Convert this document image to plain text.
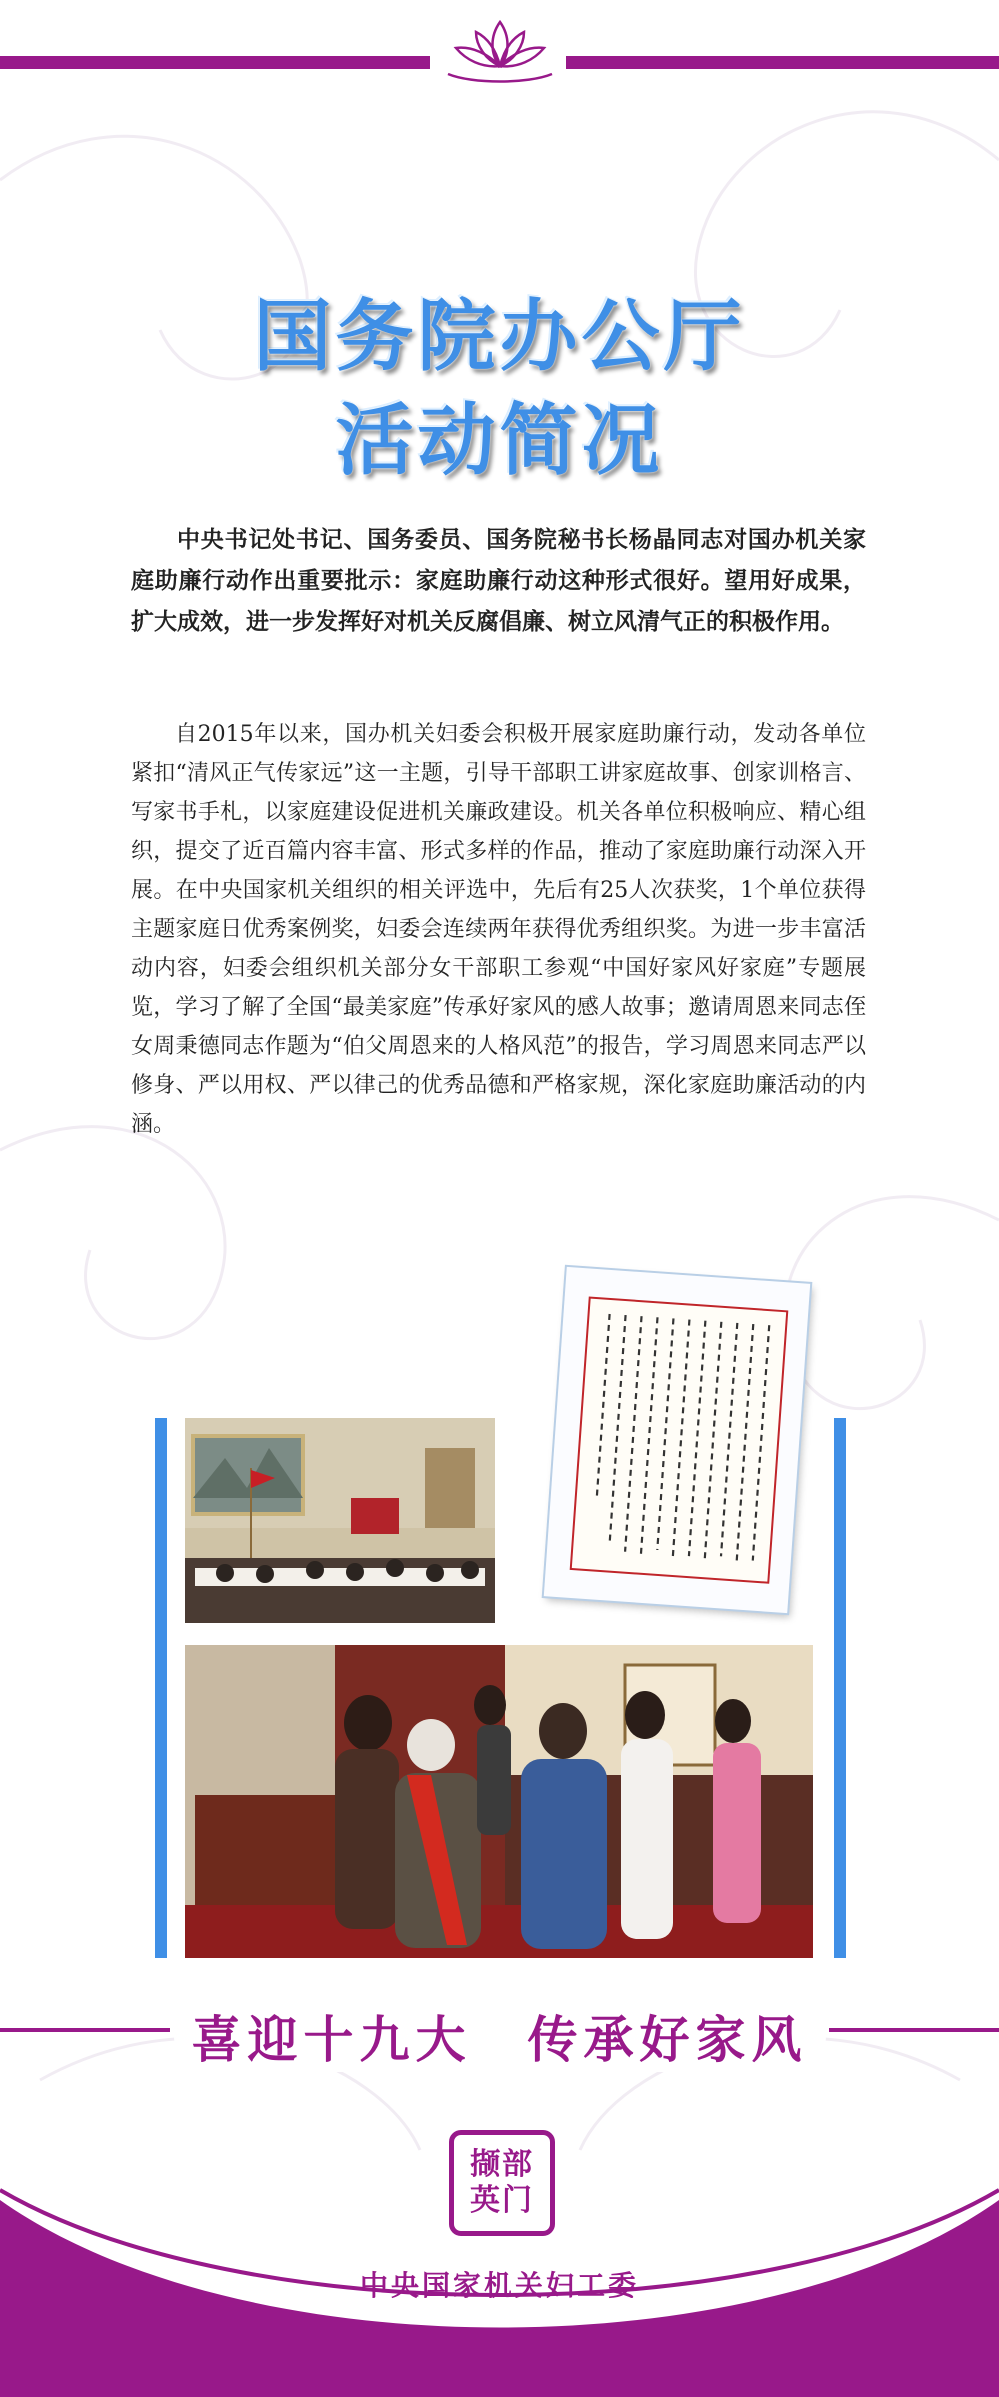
国务院办公厅
活动简况

中央书记处书记、国务委员、国务院秘书长杨晶同志对国办机关家庭助廉行动作出重要批示：家庭助廉行动这种形式很好。望用好成果，扩大成效，进一步发挥好对机关反腐倡廉、树立风清气正的积极作用。

自2015年以来，国办机关妇委会积极开展家庭助廉行动，发动各单位紧扣“清风正气传家远”这一主题，引导干部职工讲家庭故事、创家训格言、写家书手札，以家庭建设促进机关廉政建设。机关各单位积极响应、精心组织，提交了近百篇内容丰富、形式多样的作品，推动了家庭助廉行动深入开展。在中央国家机关组织的相关评选中，先后有25人次获奖，1个单位获得主题家庭日优秀案例奖，妇委会连续两年获得优秀组织奖。为进一步丰富活动内容，妇委会组织机关部分女干部职工参观“中国好家风好家庭”专题展览，学习了解了全国“最美家庭”传承好家风的感人故事；邀请周恩来同志侄女周秉德同志作题为“伯父周恩来的人格风范”的报告，学习周恩来同志严以修身、严以用权、严以律己的优秀品德和严格家规，深化家庭助廉活动的内涵。

喜迎十九大 传承好家风
中央国家机关妇工委
撷部
英门
